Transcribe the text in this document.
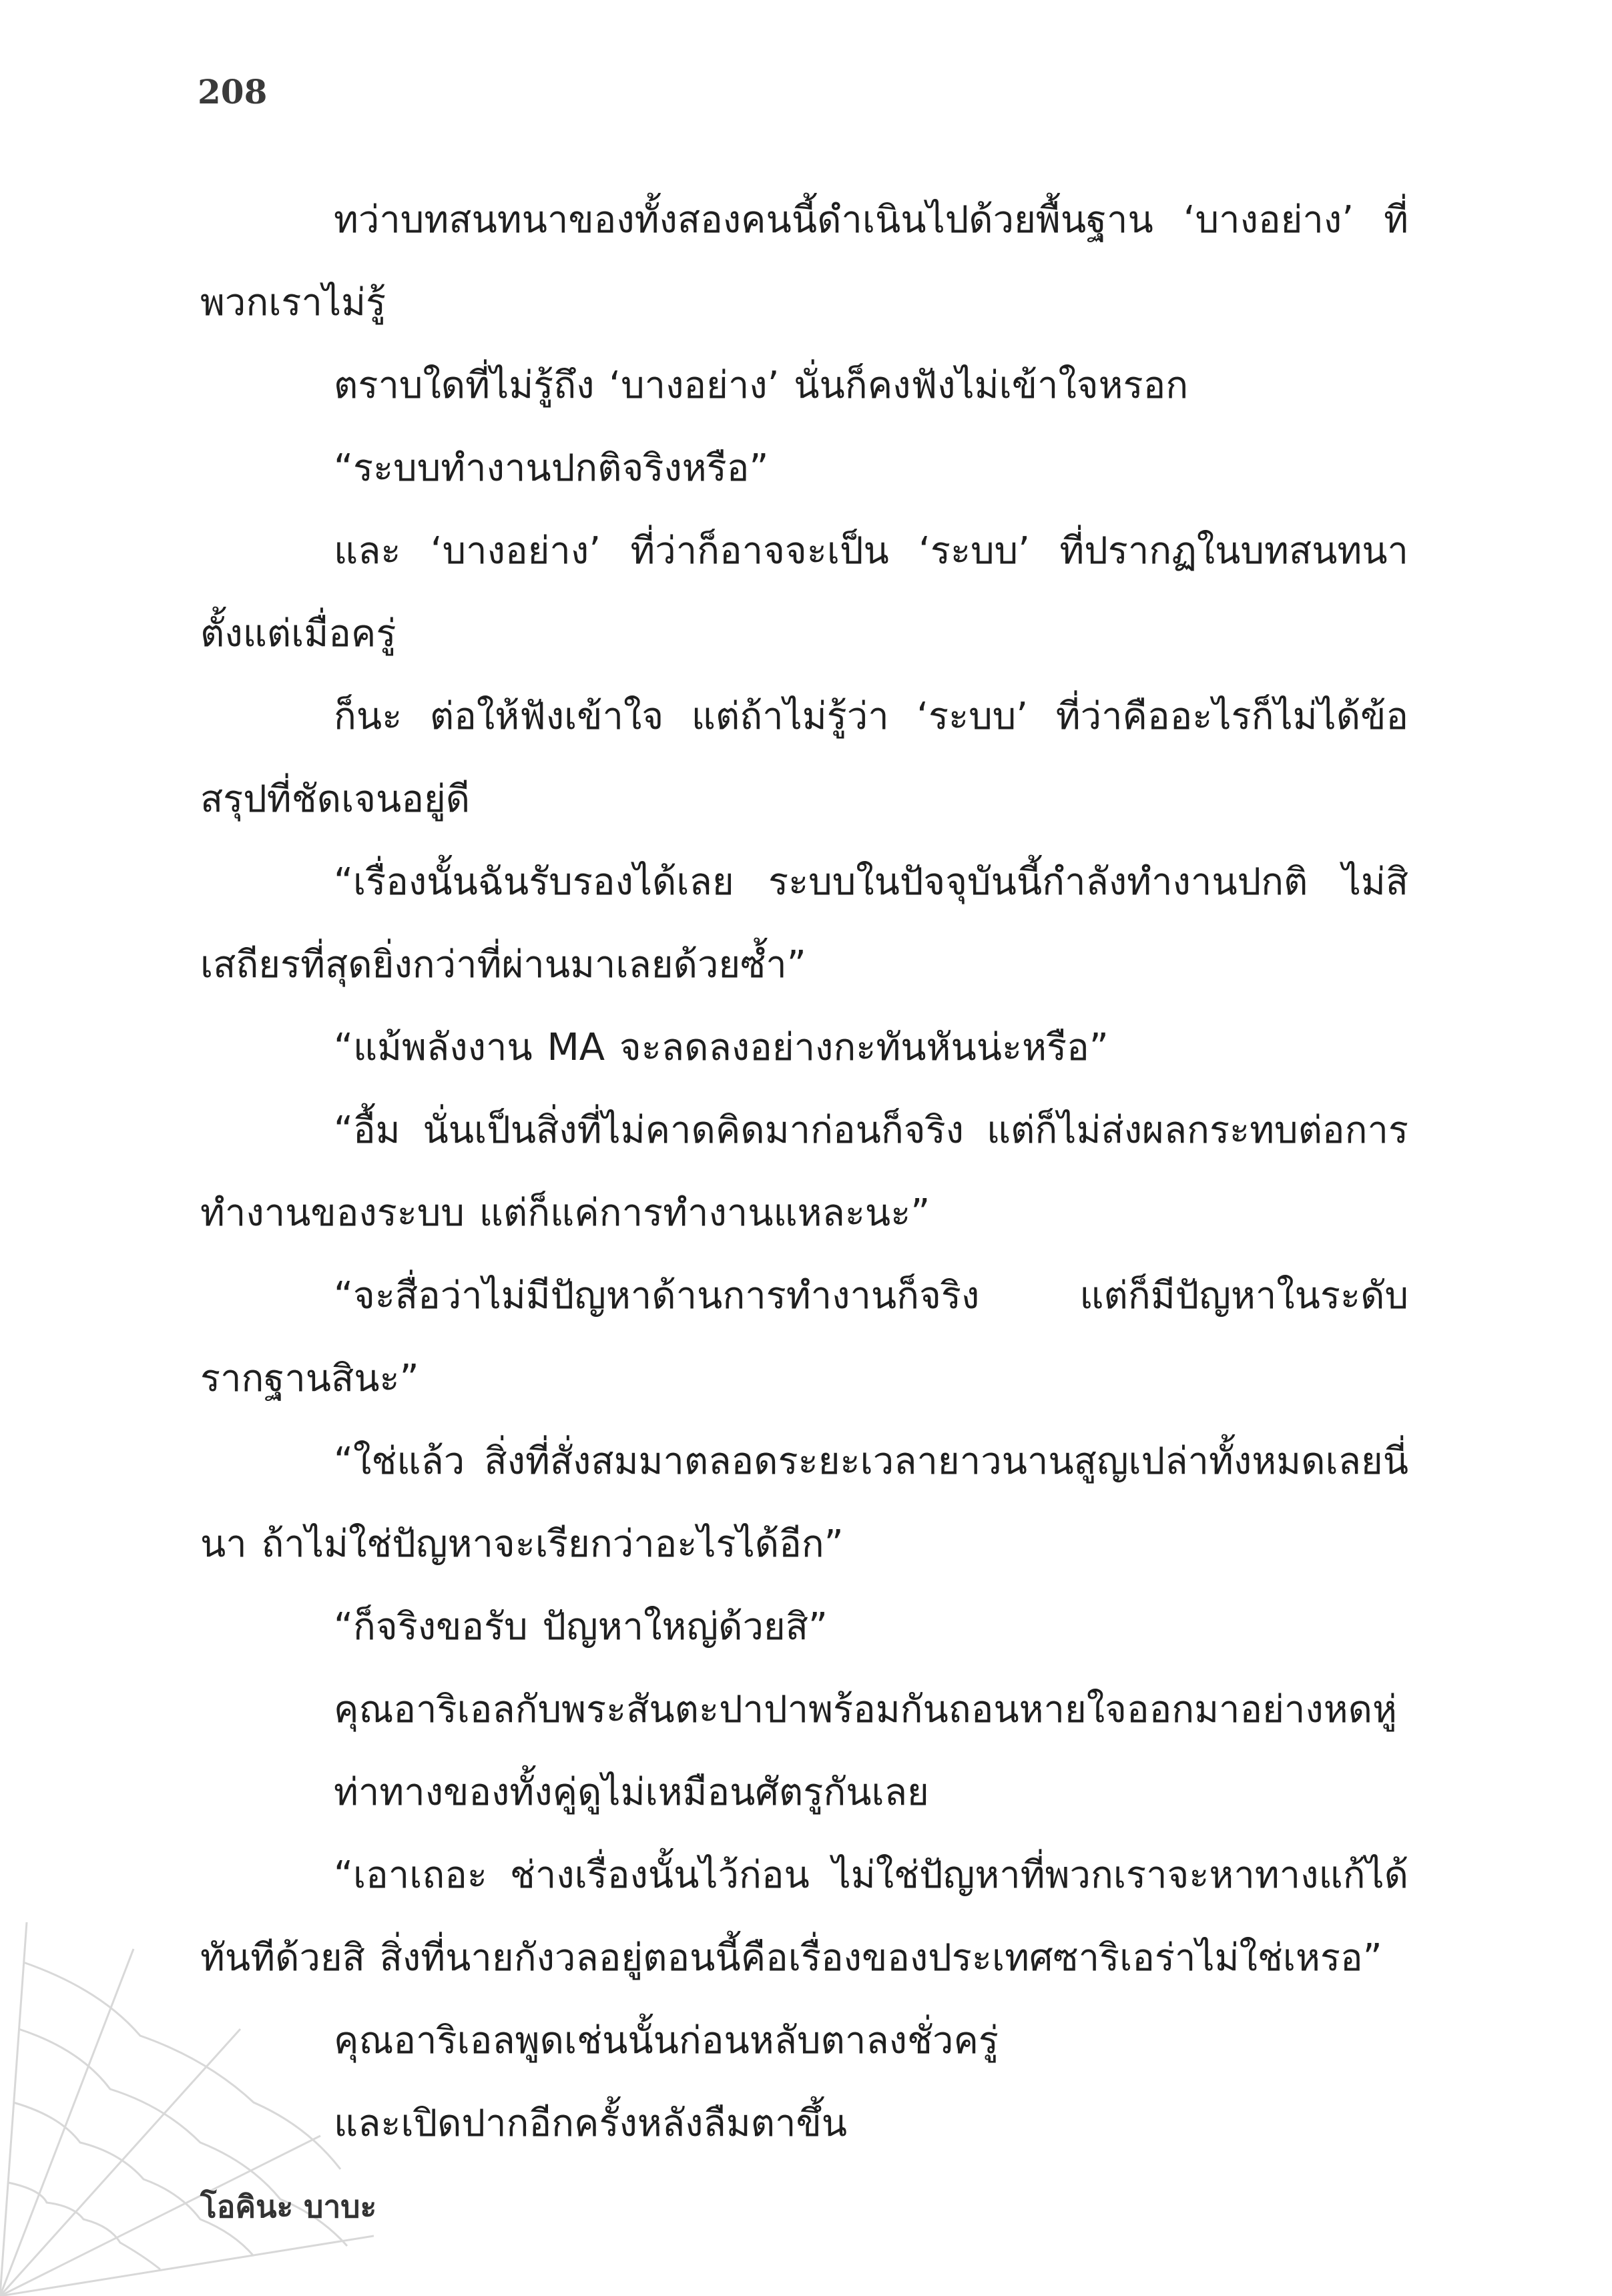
208

ทว่าบทสนทนาของทั้งสองคนนี้ดำเนินไปด้วยพื้นฐาน ‘บางอย่าง’ ที่พวกเราไม่รู้

ตราบใดที่ไม่รู้ถึง ‘บางอย่าง’ นั่นก็คงฟังไม่เข้าใจหรอก

“ระบบทำงานปกติจริงหรือ”

และ ‘บางอย่าง’ ที่ว่าก็อาจจะเป็น ‘ระบบ’ ที่ปรากฏในบทสนทนาตั้งแต่เมื่อครู่

ก็นะ ต่อให้ฟังเข้าใจ แต่ถ้าไม่รู้ว่า ‘ระบบ’ ที่ว่าคืออะไรก็ไม่ได้ข้อสรุปที่ชัดเจนอยู่ดี

“เรื่องนั้นฉันรับรองได้เลย ระบบในปัจจุบันนี้กำลังทำงานปกติ ไม่สิ เสถียรที่สุดยิ่งกว่าที่ผ่านมาเลยด้วยซ้ำ”

“แม้พลังงาน MA จะลดลงอย่างกะทันหันน่ะหรือ”

“อื้ม นั่นเป็นสิ่งที่ไม่คาดคิดมาก่อนก็จริง แต่ก็ไม่ส่งผลกระทบต่อการทำงานของระบบ แต่ก็แค่การทำงานแหละนะ”

“จะสื่อว่าไม่มีปัญหาด้านการทำงานก็จริง แต่ก็มีปัญหาในระดับรากฐานสินะ”

“ใช่แล้ว สิ่งที่สั่งสมมาตลอดระยะเวลายาวนานสูญเปล่าทั้งหมดเลยนี่นา ถ้าไม่ใช่ปัญหาจะเรียกว่าอะไรได้อีก”

“ก็จริงขอรับ ปัญหาใหญ่ด้วยสิ”

คุณอาริเอลกับพระสันตะปาปาพร้อมกันถอนหายใจออกมาอย่างหดหู่

ท่าทางของทั้งคู่ดูไม่เหมือนศัตรูกันเลย

“เอาเถอะ ช่างเรื่องนั้นไว้ก่อน ไม่ใช่ปัญหาที่พวกเราจะหาทางแก้ได้ทันทีด้วยสิ สิ่งที่นายกังวลอยู่ตอนนี้คือเรื่องของประเทศซาริเอร่าไม่ใช่เหรอ”

คุณอาริเอลพูดเช่นนั้นก่อนหลับตาลงชั่วครู่

และเปิดปากอีกครั้งหลังลืมตาขึ้น

โอคินะ บาบะ
